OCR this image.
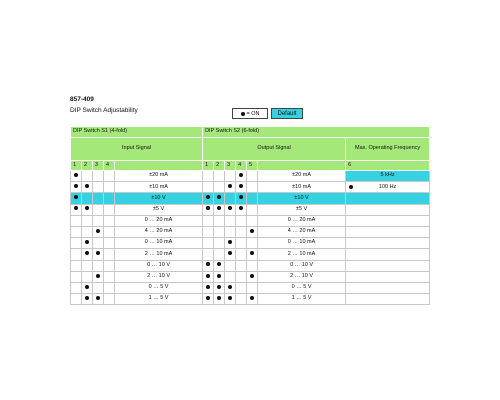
857-409
DIP Switch Adjustability	= ON	Default
DIP Switch S1 (4-fold)					DIP Switch S2 (6-fold)						
Input Signal					Output Signal						Max. Operating Frequency
1	2	3	4		1	2	3	4	5		6
				±20 mA						±20 mA	5 kHz
				±10 mA						±10 mA	100 Hz
				±10 V						±10 V	
				±5 V						±5 V	
				0 … 20 mA						0 … 20 mA	
				4 … 20 mA						4 … 20 mA	
				0 … 10 mA						0 … 10 mA	
				2 … 10 mA						2 … 10 mA	
				0 … 10 V						0 … 10 V	
				2 … 10 V						2 … 10 V	
				0 … 5 V						0 … 5 V	
				1 … 5 V						1 … 5 V	
